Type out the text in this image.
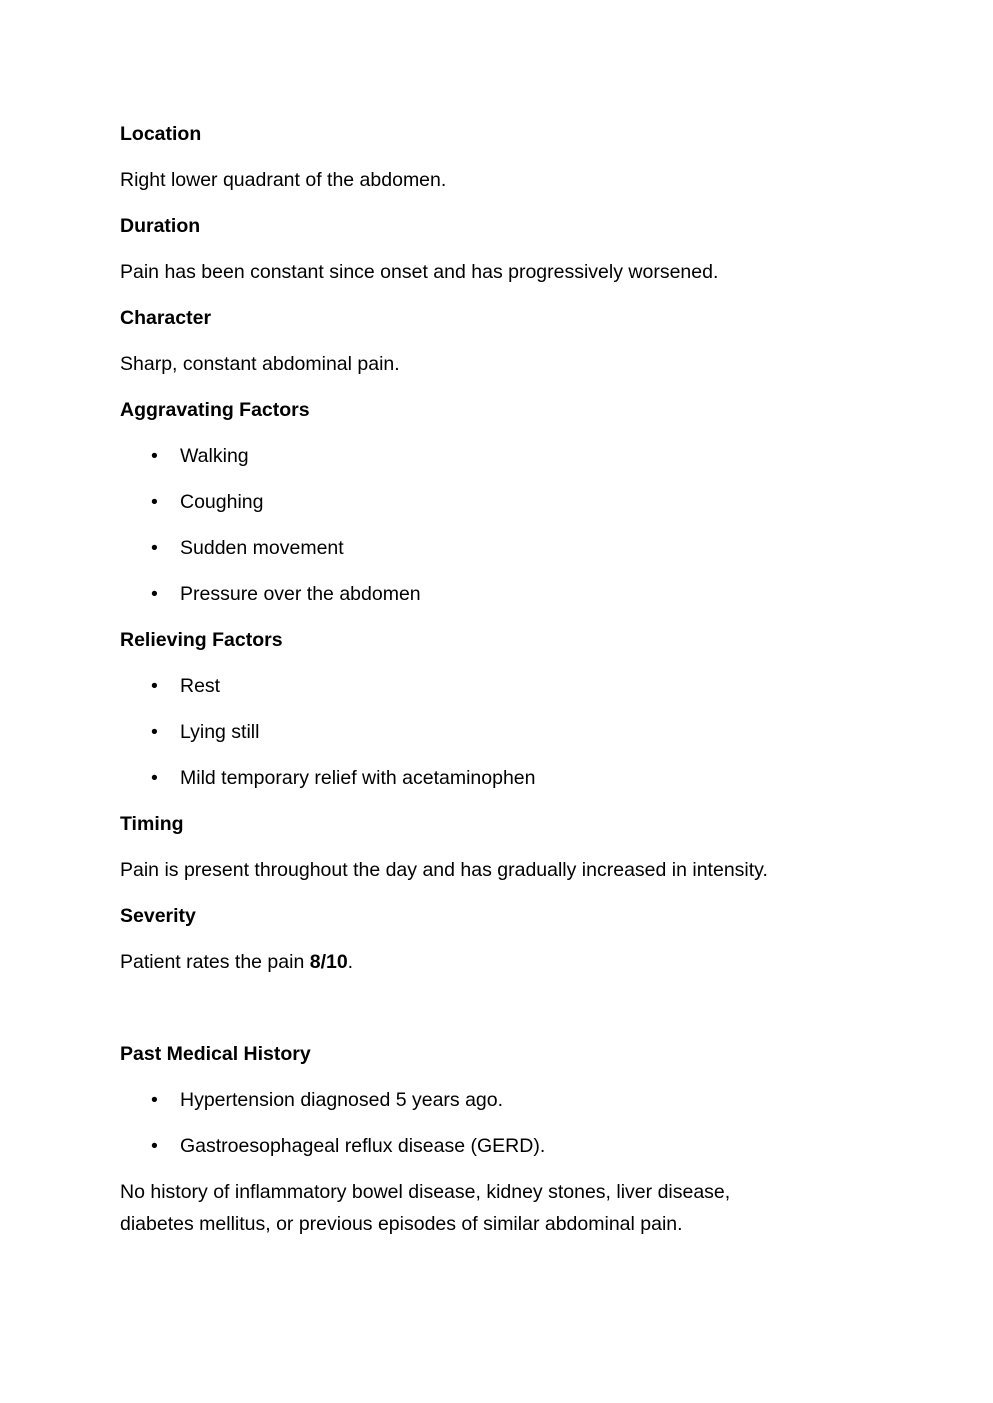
Location
Right lower quadrant of the abdomen.
Duration
Pain has been constant since onset and has progressively worsened.
Character
Sharp, constant abdominal pain.
Aggravating Factors
• Walking
• Coughing
• Sudden movement
• Pressure over the abdomen
Relieving Factors
• Rest
• Lying still
• Mild temporary relief with acetaminophen
Timing
Pain is present throughout the day and has gradually increased in intensity.
Severity
Patient rates the pain 8/10.
Past Medical History
• Hypertension diagnosed 5 years ago.
• Gastroesophageal reflux disease (GERD).
No history of inflammatory bowel disease, kidney stones, liver disease,
diabetes mellitus, or previous episodes of similar abdominal pain.
